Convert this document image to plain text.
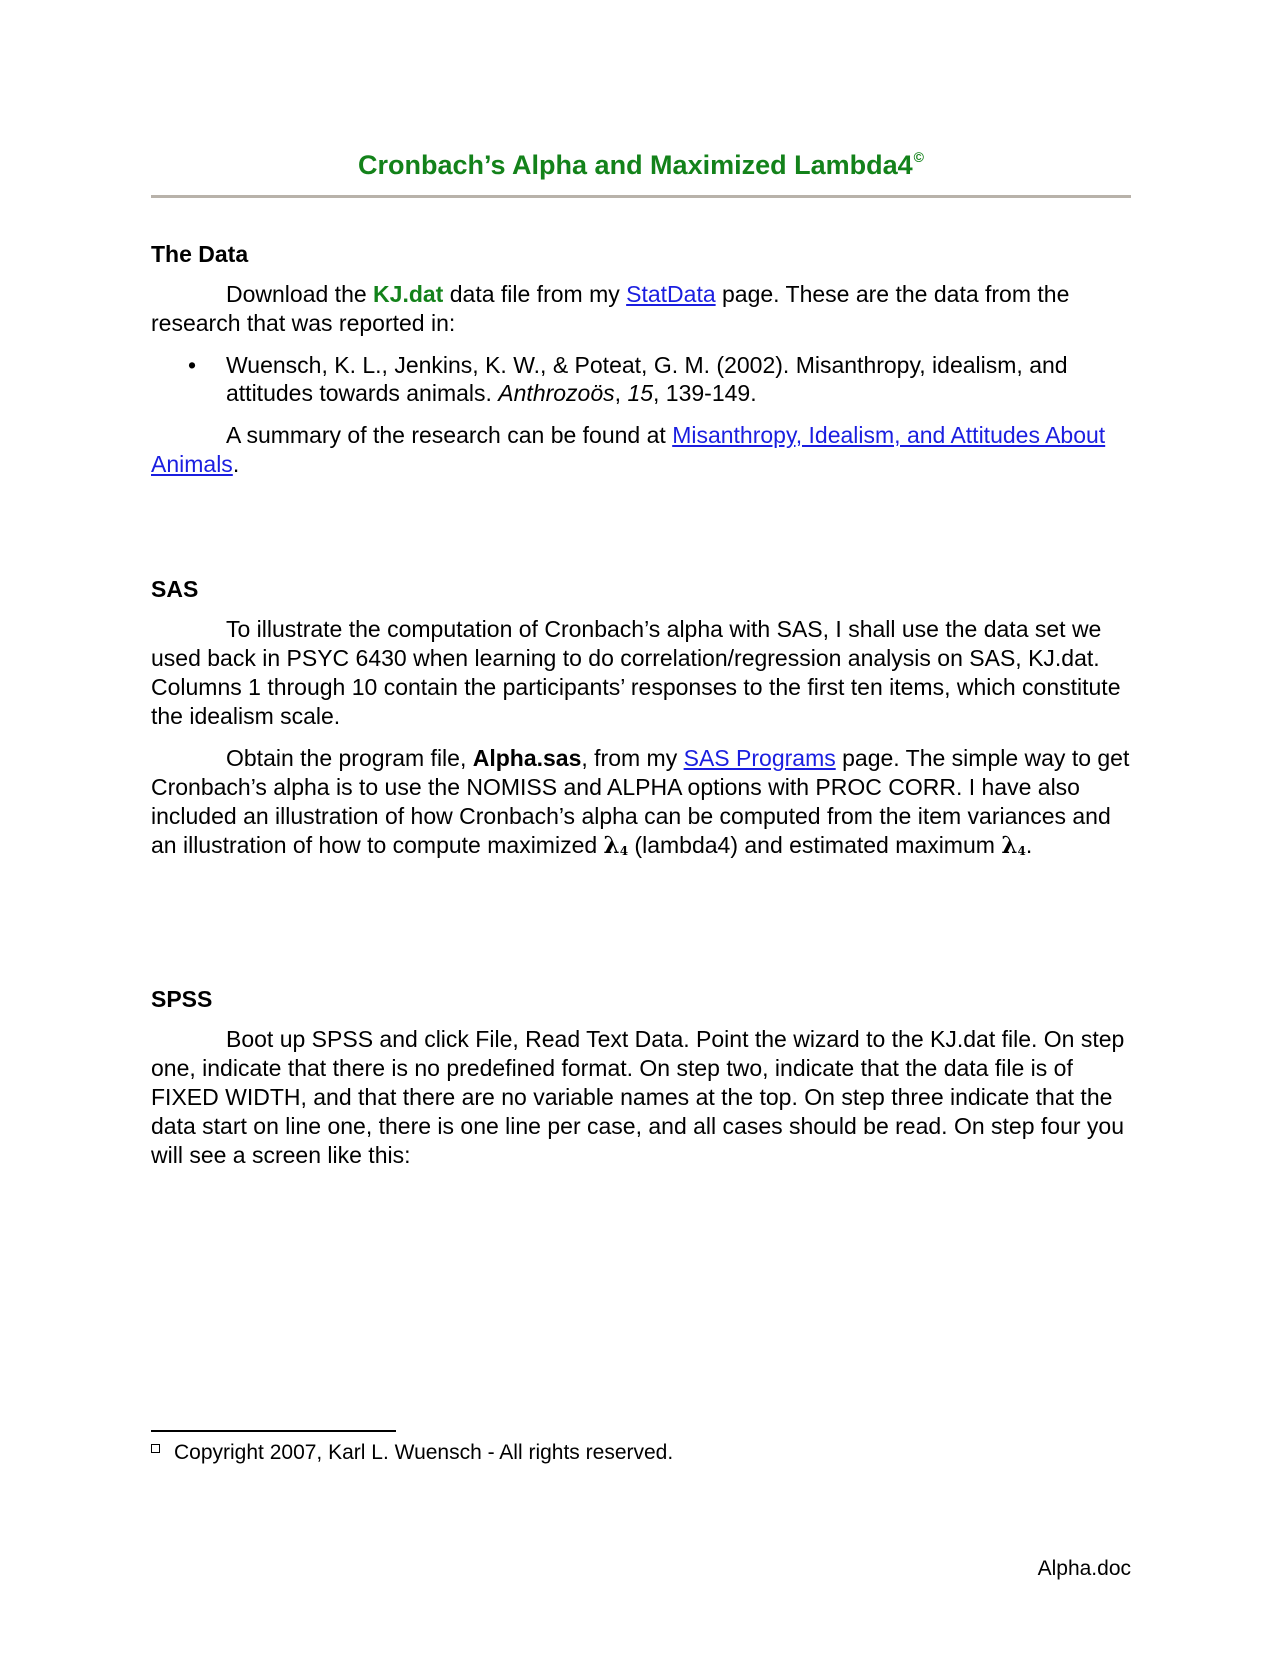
Cronbach’s Alpha and Maximized Lambda4©
The Data

Download the KJ.dat data file from my StatData page. These are the data from the research that was reported in:

• Wuensch, K. L., Jenkins, K. W., & Poteat, G. M. (2002). Misanthropy, idealism, and attitudes towards animals. Anthrozoös, 15, 139-149.

A summary of the research can be found at Misanthropy, Idealism, and Attitudes About Animals.

SAS

To illustrate the computation of Cronbach’s alpha with SAS, I shall use the data set we used back in PSYC 6430 when learning to do correlation/regression analysis on SAS, KJ.dat. Columns 1 through 10 contain the participants’ responses to the first ten items, which constitute the idealism scale.

Obtain the program file, Alpha.sas, from my SAS Programs page. The simple way to get Cronbach’s alpha is to use the NOMISS and ALPHA options with PROC CORR. I have also included an illustration of how Cronbach’s alpha can be computed from the item variances and an illustration of how to compute maximized $\lambda_4$ (lambda4) and estimated maximum $\lambda_4$.

SPSS

Boot up SPSS and click File, Read Text Data. Point the wizard to the KJ.dat file. On step one, indicate that there is no predefined format. On step two, indicate that the data file is of FIXED WIDTH, and that there are no variable names at the top. On step three indicate that the data start on line one, there is one line per case, and all cases should be read. On step four you will see a screen like this:

Copyright 2007, Karl L. Wuensch - All rights reserved.
Alpha.doc
